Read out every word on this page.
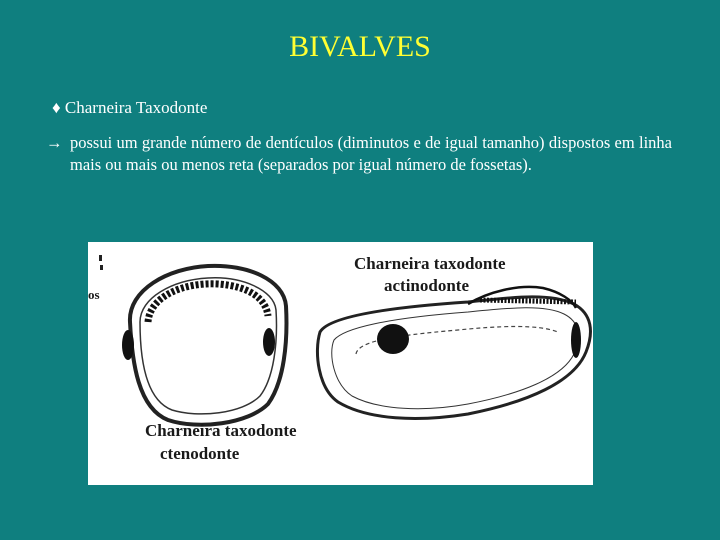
BIVALVES
♦ Charneira Taxodonte
→ possui um grande número de dentículos (diminutos e de igual tamanho) dispostos em linha mais ou mais ou menos reta (separados por igual número de fossetas).
os
Charneira taxodonte
actinodonte
Charneira taxodonte
ctenodonte
